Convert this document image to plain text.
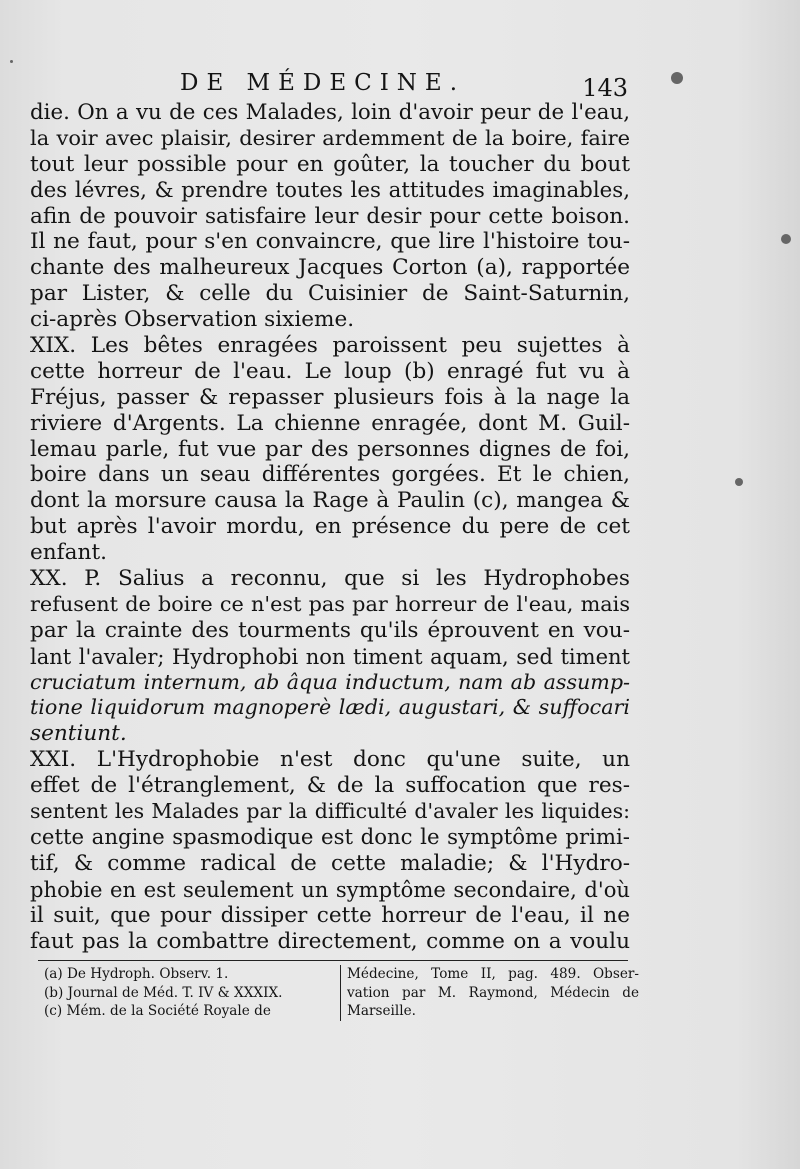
DE MÉDECINE.	143
die. On a vu de ces Malades, loin d'avoir peur de l'eau,
la voir avec plaisir, desirer ardemment de la boire, faire
tout leur possible pour en goûter, la toucher du bout
des lévres, & prendre toutes les attitudes imaginables,
afin de pouvoir satisfaire leur desir pour cette boison.
Il ne faut, pour s'en convaincre, que lire l'histoire tou-
chante des malheureux Jacques Corton (a), rapportée
par Lister, & celle du Cuisinier de Saint-Saturnin,
ci-après Observation sixieme.
XIX. Les bêtes enragées paroissent peu sujettes à
cette horreur de l'eau. Le loup (b) enragé fut vu à
Fréjus, passer & repasser plusieurs fois à la nage la
riviere d'Argents. La chienne enragée, dont M. Guil-
lemau parle, fut vue par des personnes dignes de foi,
boire dans un seau différentes gorgées. Et le chien,
dont la morsure causa la Rage à Paulin (c), mangea &
but après l'avoir mordu, en présence du pere de cet
enfant.
XX. P. Salius a reconnu, que si les Hydrophobes
refusent de boire ce n'est pas par horreur de l'eau, mais
par la crainte des tourments qu'ils éprouvent en vou-
lant l'avaler; Hydrophobi non timent aquam, sed timent
cruciatum internum, ab âqua inductum, nam ab assump-
tione liquidorum magnoperè lædi, augustari, & suffocari
sentiunt.
XXI. L'Hydrophobie n'est donc qu'une suite, un
effet de l'étranglement, & de la suffocation que res-
sentent les Malades par la difficulté d'avaler les liquides:
cette angine spasmodique est donc le symptôme primi-
tif, & comme radical de cette maladie; & l'Hydro-
phobie en est seulement un symptôme secondaire, d'où
il suit, que pour dissiper cette horreur de l'eau, il ne
faut pas la combattre directement, comme on a voulu
(a) De Hydroph. Observ. 1.
(b) Journal de Méd. T. IV & XXXIX.
(c) Mém. de la Société Royale de
Médecine, Tome II, pag. 489. Obser-
vation par M. Raymond, Médecin de
Marseille.
